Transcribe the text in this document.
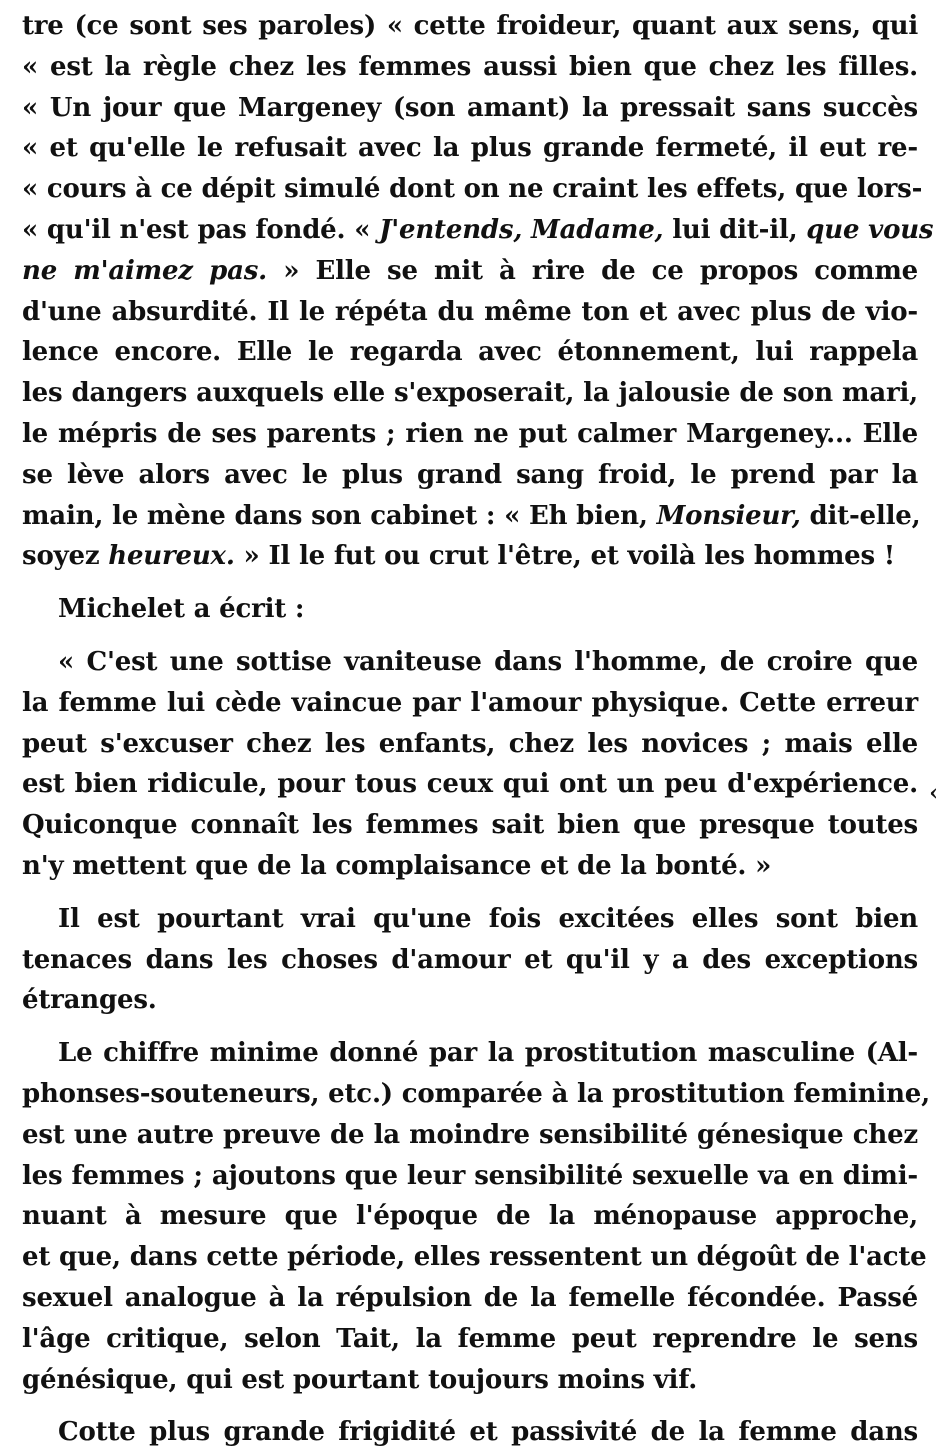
tre (ce sont ses paroles) « cette froideur, quant aux sens, qui
« est la règle chez les femmes aussi bien que chez les filles.
« Un jour que Margeney (son amant) la pressait sans succès
« et qu'elle le refusait avec la plus grande fermeté, il eut re-
« cours à ce dépit simulé dont on ne craint les effets, que lors-
« qu'il n'est pas fondé. « J'entends, Madame, lui dit-il, que vous
ne m'aimez pas. » Elle se mit à rire de ce propos comme
d'une absurdité. Il le répéta du même ton et avec plus de vio-
lence encore. Elle le regarda avec étonnement, lui rappela
les dangers auxquels elle s'exposerait, la jalousie de son mari,
le mépris de ses parents ; rien ne put calmer Margeney... Elle
se lève alors avec le plus grand sang froid, le prend par la
main, le mène dans son cabinet : « Eh bien, Monsieur, dit-elle,
soyez heureux. » Il le fut ou crut l'être, et voilà les hommes !
Michelet a écrit :
« C'est une sottise vaniteuse dans l'homme, de croire que
la femme lui cède vaincue par l'amour physique. Cette erreur
peut s'excuser chez les enfants, chez les novices ; mais elle
est bien ridicule, pour tous ceux qui ont un peu d'expérience.
Quiconque connaît les femmes sait bien que presque toutes
n'y mettent que de la complaisance et de la bonté. »
Il est pourtant vrai qu'une fois excitées elles sont bien
tenaces dans les choses d'amour et qu'il y a des exceptions
étranges.
Le chiffre minime donné par la prostitution masculine (Al-
phonses-souteneurs, etc.) comparée à la prostitution feminine,
est une autre preuve de la moindre sensibilité génesique chez
les femmes ; ajoutons que leur sensibilité sexuelle va en dimi-
nuant à mesure que l'époque de la ménopause approche,
et que, dans cette période, elles ressentent un dégoût de l'acte
sexuel analogue à la répulsion de la femelle fécondée. Passé
l'âge critique, selon Tait, la femme peut reprendre le sens
génésique, qui est pourtant toujours moins vif.
Cotte plus grande frigidité et passivité de la femme dans
‹
